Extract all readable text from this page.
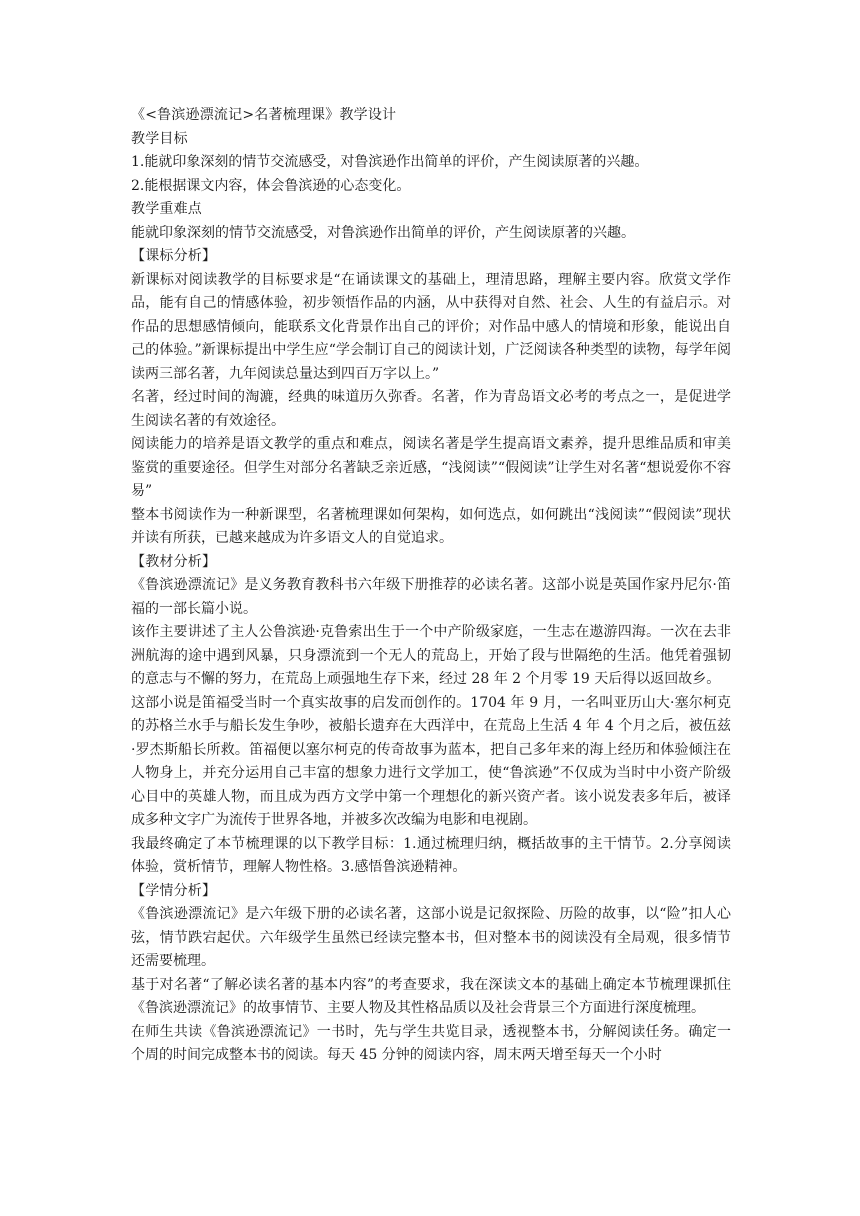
《<鲁滨逊漂流记>名著梳理课》教学设计

教学目标

1.能就印象深刻的情节交流感受，对鲁滨逊作出简单的评价，产生阅读原著的兴趣。

2.能根据课文内容，体会鲁滨逊的心态变化。

教学重难点

能就印象深刻的情节交流感受，对鲁滨逊作出简单的评价，产生阅读原著的兴趣。

【课标分析】

新课标对阅读教学的目标要求是“在诵读课文的基础上，理清思路，理解主要内容。欣赏文学作品，能有自己的情感体验，初步领悟作品的内涵，从中获得对自然、社会、人生的有益启示。对作品的思想感情倾向，能联系文化背景作出自己的评价；对作品中感人的情境和形象，能说出自己的体验。”新课标提出中学生应“学会制订自己的阅读计划，广泛阅读各种类型的读物，每学年阅读两三部名著，九年阅读总量达到四百万字以上。”

名著，经过时间的淘漉，经典的味道历久弥香。名著，作为青岛语文必考的考点之一，是促进学生阅读名著的有效途径。

阅读能力的培养是语文教学的重点和难点，阅读名著是学生提高语文素养，提升思维品质和审美鉴赏的重要途径。但学生对部分名著缺乏亲近感，“浅阅读”“假阅读”让学生对名著“想说爱你不容易”

整本书阅读作为一种新课型，名著梳理课如何架构，如何选点，如何跳出“浅阅读”“假阅读”现状并读有所获，已越来越成为许多语文人的自觉追求。

【教材分析】

《鲁滨逊漂流记》是义务教育教科书六年级下册推荐的必读名著。这部小说是英国作家丹尼尔·笛福的一部长篇小说。

该作主要讲述了主人公鲁滨逊·克鲁索出生于一个中产阶级家庭，一生志在遨游四海。一次在去非洲航海的途中遇到风暴，只身漂流到一个无人的荒岛上，开始了段与世隔绝的生活。他凭着强韧的意志与不懈的努力，在荒岛上顽强地生存下来，经过 28 年 2 个月零 19 天后得以返回故乡。

这部小说是笛福受当时一个真实故事的启发而创作的。1704 年 9 月，一名叫亚历山大·塞尔柯克的苏格兰水手与船长发生争吵，被船长遗弃在大西洋中，在荒岛上生活 4 年 4 个月之后，被伍兹·罗杰斯船长所救。笛福便以塞尔柯克的传奇故事为蓝本，把自己多年来的海上经历和体验倾注在人物身上，并充分运用自己丰富的想象力进行文学加工，使“鲁滨逊”不仅成为当时中小资产阶级心目中的英雄人物，而且成为西方文学中第一个理想化的新兴资产者。该小说发表多年后，被译成多种文字广为流传于世界各地，并被多次改编为电影和电视剧。

我最终确定了本节梳理课的以下教学目标：1.通过梳理归纳，概括故事的主干情节。2.分享阅读体验，赏析情节，理解人物性格。3.感悟鲁滨逊精神。

【学情分析】

《鲁滨逊漂流记》是六年级下册的必读名著，这部小说是记叙探险、历险的故事，以“险”扣人心弦，情节跌宕起伏。六年级学生虽然已经读完整本书，但对整本书的阅读没有全局观，很多情节还需要梳理。

基于对名著“了解必读名著的基本内容”的考查要求，我在深读文本的基础上确定本节梳理课抓住《鲁滨逊漂流记》的故事情节、主要人物及其性格品质以及社会背景三个方面进行深度梳理。

在师生共读《鲁滨逊漂流记》一书时，先与学生共览目录，透视整本书，分解阅读任务。确定一个周的时间完成整本书的阅读。每天 45 分钟的阅读内容，周末两天增至每天一个小时
